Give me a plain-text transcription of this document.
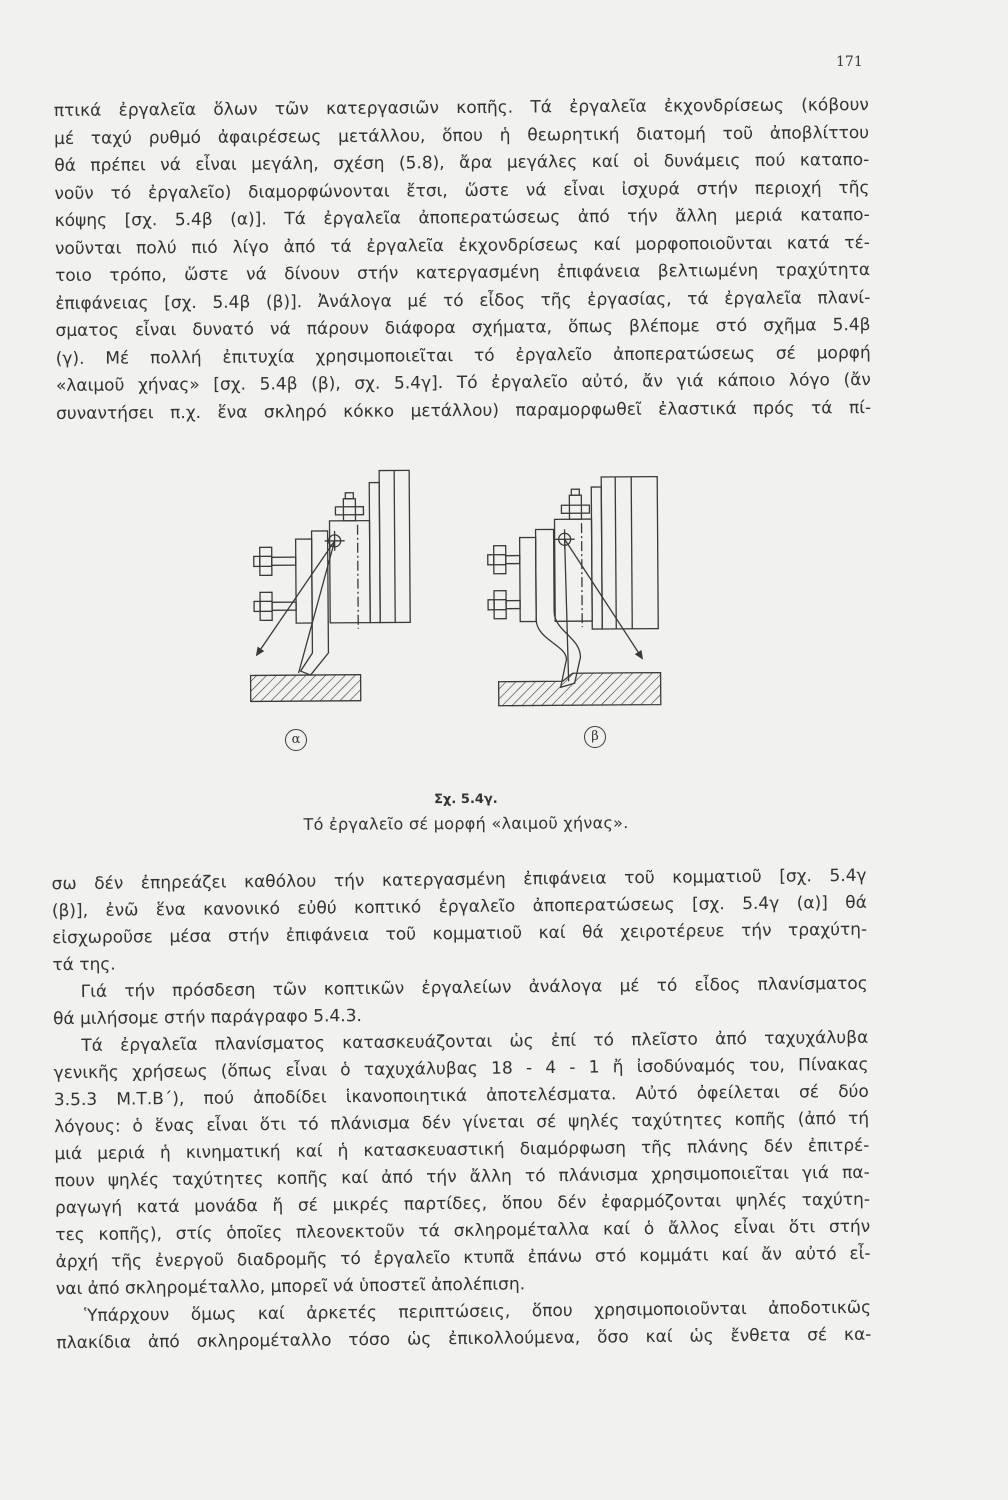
171
πτικά ἐργαλεῖα ὅλων τῶν κατεργασιῶν κοπῆς. Τά ἐργαλεῖα ἐκχονδρίσεως (κόβουν
μέ ταχύ ρυθμό ἀφαιρέσεως μετάλλου, ὅπου ἡ θεωρητική διατομή τοῦ ἀποβλίττου
θά πρέπει νά εἶναι μεγάλη, σχέση (5.8), ἄρα μεγάλες καί οἱ δυνάμεις πού καταπο-
νοῦν τό ἐργαλεῖο) διαμορφώνονται ἔτσι, ὥστε νά εἶναι ἰσχυρά στήν περιοχή τῆς
κόψης [σχ. 5.4β (α)]. Τά ἐργαλεῖα ἀποπερατώσεως ἀπό τήν ἄλλη μεριά καταπο-
νοῦνται πολύ πιό λίγο ἀπό τά ἐργαλεῖα ἐκχονδρίσεως καί μορφοποιοῦνται κατά τέ-
τοιο τρόπο, ὥστε νά δίνουν στήν κατεργασμένη ἐπιφάνεια βελτιωμένη τραχύτητα
ἐπιφάνειας [σχ. 5.4β (β)]. Ἀνάλογα μέ τό εἶδος τῆς ἐργασίας, τά ἐργαλεῖα πλανί-
σματος εἶναι δυνατό νά πάρουν διάφορα σχήματα, ὅπως βλέπομε στό σχῆμα 5.4β
(γ). Μέ πολλή ἐπιτυχία χρησιμοποιεῖται τό ἐργαλεῖο ἀποπερατώσεως σέ μορφή
«λαιμοῦ χήνας» [σχ. 5.4β (β), σχ. 5.4γ]. Τό ἐργαλεῖο αὐτό, ἄν γιά κάποιο λόγο (ἄν
συναντήσει π.χ. ἕνα σκληρό κόκκο μετάλλου) παραμορφωθεῖ ἐλαστικά πρός τά πί-
α	β
Σχ. 5.4γ.
Τό ἐργαλεῖο σέ μορφή «λαιμοῦ χήνας».
σω δέν ἐπηρεάζει καθόλου τήν κατεργασμένη ἐπιφάνεια τοῦ κομματιοῦ [σχ. 5.4γ
(β)], ἐνῶ ἕνα κανονικό εὐθύ κοπτικό ἐργαλεῖο ἀποπερατώσεως [σχ. 5.4γ (α)] θά
εἰσχωροῦσε μέσα στήν ἐπιφάνεια τοῦ κομματιοῦ καί θά χειροτέρευε τήν τραχύτη-
τά της.
Γιά τήν πρόσδεση τῶν κοπτικῶν ἐργαλείων ἀνάλογα μέ τό εἶδος πλανίσματος
θά μιλήσομε στήν παράγραφο 5.4.3.
Τά ἐργαλεῖα πλανίσματος κατασκευάζονται ὡς ἐπί τό πλεῖστο ἀπό ταχυχάλυβα
γενικῆς χρήσεως (ὅπως εἶναι ὁ ταχυχάλυβας 18 - 4 - 1 ἤ ἰσοδύναμός του, Πίνακας
3.5.3 Μ.Τ.Β΄), πού ἀποδίδει ἱκανοποιητικά ἀποτελέσματα. Αὐτό ὀφείλεται σέ δύο
λόγους: ὁ ἕνας εἶναι ὅτι τό πλάνισμα δέν γίνεται σέ ψηλές ταχύτητες κοπῆς (ἀπό τή
μιά μεριά ἡ κινηματική καί ἡ κατασκευαστική διαμόρφωση τῆς πλάνης δέν ἐπιτρέ-
πουν ψηλές ταχύτητες κοπῆς καί ἀπό τήν ἄλλη τό πλάνισμα χρησιμοποιεῖται γιά πα-
ραγωγή κατά μονάδα ἤ σέ μικρές παρτίδες, ὅπου δέν ἐφαρμόζονται ψηλές ταχύτη-
τες κοπῆς), στίς ὁποῖες πλεονεκτοῦν τά σκληρομέταλλα καί ὁ ἄλλος εἶναι ὅτι στήν
ἀρχή τῆς ἐνεργοῦ διαδρομῆς τό ἐργαλεῖο κτυπᾶ ἐπάνω στό κομμάτι καί ἄν αὐτό εἶ-
ναι ἀπό σκληρομέταλλο, μπορεῖ νά ὑποστεῖ ἀπολέπιση.
Ὑπάρχουν ὅμως καί ἀρκετές περιπτώσεις, ὅπου χρησιμοποιοῦνται ἀποδοτικῶς
πλακίδια ἀπό σκληρομέταλλο τόσο ὡς ἐπικολλούμενα, ὅσο καί ὡς ἔνθετα σέ κα-
